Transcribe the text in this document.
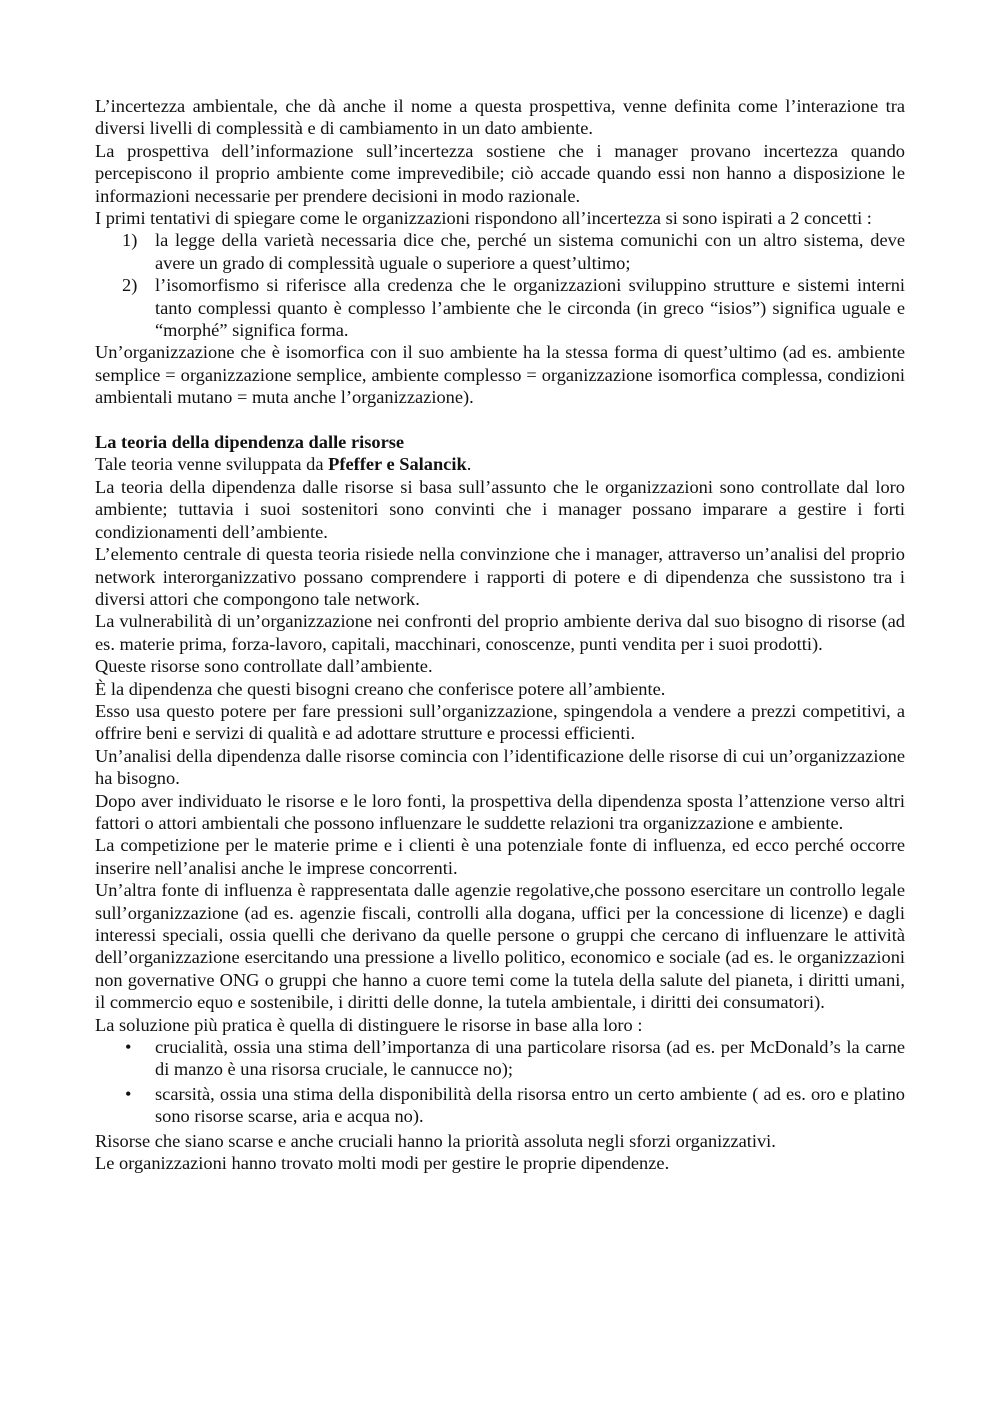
L’incertezza ambientale, che dà anche il nome a questa prospettiva, venne definita come l’interazione tra diversi livelli di complessità e di cambiamento in un dato ambiente.

La prospettiva dell’informazione sull’incertezza sostiene che i manager provano incertezza quando percepiscono il proprio ambiente come imprevedibile; ciò accade quando essi non hanno a disposizione le informazioni necessarie per prendere decisioni in modo razionale.

I primi tentativi di spiegare come le organizzazioni rispondono all’incertezza si sono ispirati a 2 concetti :

1) la legge della varietà necessaria dice che, perché un sistema comunichi con un altro sistema, deve avere un grado di complessità uguale o superiore a quest’ultimo;
2) l’isomorfismo si riferisce alla credenza che le organizzazioni sviluppino strutture e sistemi interni tanto complessi quanto è complesso l’ambiente che le circonda (in greco “isios”) significa uguale e “morphé” significa forma.

Un’organizzazione che è isomorfica con il suo ambiente ha la stessa forma di quest’ultimo (ad es. ambiente semplice = organizzazione semplice, ambiente complesso = organizzazione isomorfica complessa, condizioni ambientali mutano = muta anche l’organizzazione).

La teoria della dipendenza dalle risorse

Tale teoria venne sviluppata da Pfeffer e Salancik.

La teoria della dipendenza dalle risorse si basa sull’assunto che le organizzazioni sono controllate dal loro ambiente; tuttavia i suoi sostenitori sono convinti che i manager possano imparare a gestire i forti condizionamenti dell’ambiente.

L’elemento centrale di questa teoria risiede nella convinzione che i manager, attraverso un’analisi del proprio network interorganizzativo possano comprendere i rapporti di potere e di dipendenza che sussistono tra i diversi attori che compongono tale network.

La vulnerabilità di un’organizzazione nei confronti del proprio ambiente deriva dal suo bisogno di risorse (ad es. materie prima, forza-lavoro, capitali, macchinari, conoscenze, punti vendita per i suoi prodotti).

Queste risorse sono controllate dall’ambiente.

È la dipendenza che questi bisogni creano che conferisce potere all’ambiente.

Esso usa questo potere per fare pressioni sull’organizzazione, spingendola a vendere a prezzi competitivi, a offrire beni e servizi di qualità e ad adottare strutture e processi efficienti.

Un’analisi della dipendenza dalle risorse comincia con l’identificazione delle risorse di cui un’organizzazione ha bisogno.

Dopo aver individuato le risorse e le loro fonti, la prospettiva della dipendenza sposta l’attenzione verso altri fattori o attori ambientali che possono influenzare le suddette relazioni tra organizzazione e ambiente.

La competizione per le materie prime e i clienti è una potenziale fonte di influenza, ed ecco perché occorre inserire nell’analisi anche le imprese concorrenti.

Un’altra fonte di influenza è rappresentata dalle agenzie regolative,che possono esercitare un controllo legale sull’organizzazione (ad es. agenzie fiscali, controlli alla dogana, uffici per la concessione di licenze) e dagli interessi speciali, ossia quelli che derivano da quelle persone o gruppi che cercano di influenzare le attività dell’organizzazione esercitando una pressione a livello politico, economico e sociale (ad es. le organizzazioni non governative ONG o gruppi che hanno a cuore temi come la tutela della salute del pianeta, i diritti umani, il commercio equo e sostenibile, i diritti delle donne, la tutela ambientale, i diritti dei consumatori).

La soluzione più pratica è quella di distinguere le risorse in base alla loro :

• crucialità, ossia una stima dell’importanza di una particolare risorsa (ad es. per McDonald’s la carne di manzo è una risorsa cruciale, le cannucce no);
• scarsità, ossia una stima della disponibilità della risorsa entro un certo ambiente ( ad es. oro e platino sono risorse scarse, aria e acqua no).

Risorse che siano scarse e anche cruciali hanno la priorità assoluta negli sforzi organizzativi.

Le organizzazioni hanno trovato molti modi per gestire le proprie dipendenze.
